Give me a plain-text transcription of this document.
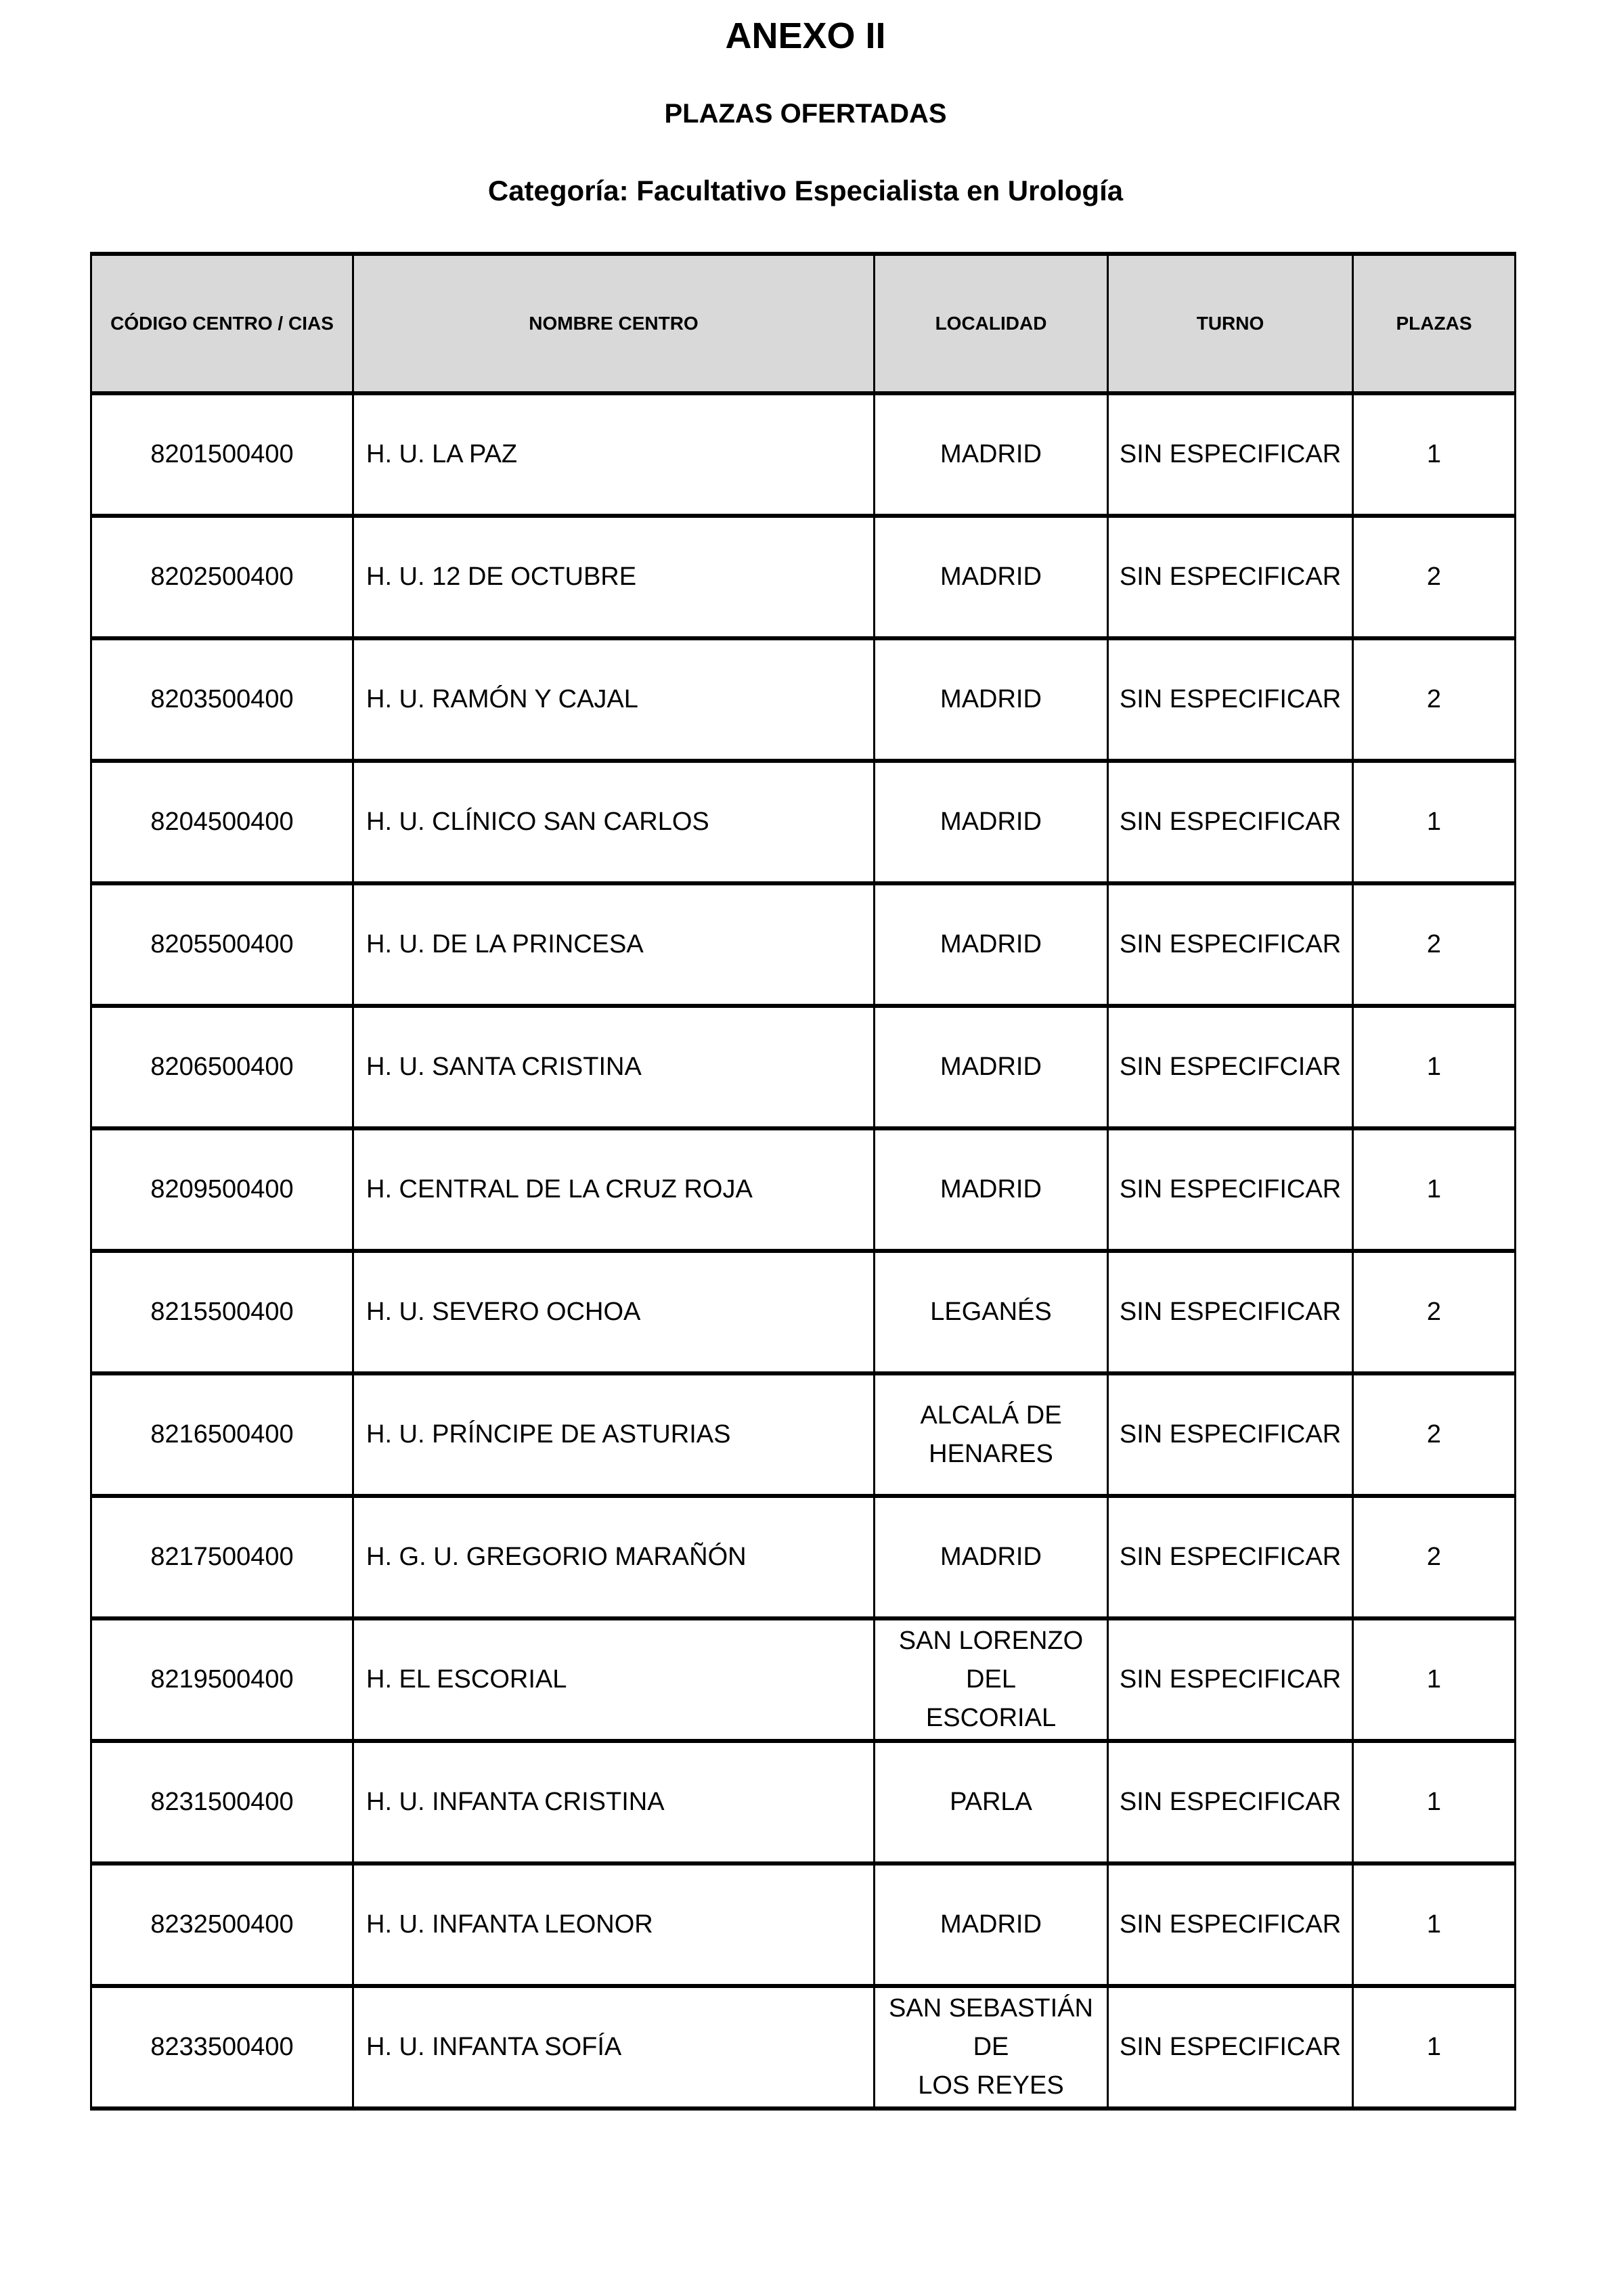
ANEXO II
PLAZAS OFERTADAS
Categoría: Facultativo Especialista en Urología
CÓDIGO CENTRO / CIAS	NOMBRE CENTRO	LOCALIDAD	TURNO	PLAZAS
8201500400	H. U. LA PAZ	MADRID	SIN ESPECIFICAR	1
8202500400	H. U. 12 DE OCTUBRE	MADRID	SIN ESPECIFICAR	2
8203500400	H. U. RAMÓN Y CAJAL	MADRID	SIN ESPECIFICAR	2
8204500400	H. U. CLÍNICO SAN CARLOS	MADRID	SIN ESPECIFICAR	1
8205500400	H. U. DE LA PRINCESA	MADRID	SIN ESPECIFICAR	2
8206500400	H. U. SANTA CRISTINA	MADRID	SIN ESPECIFCIAR	1
8209500400	H. CENTRAL DE LA CRUZ ROJA	MADRID	SIN ESPECIFICAR	1
8215500400	H. U. SEVERO OCHOA	LEGANÉS	SIN ESPECIFICAR	2
8216500400	H. U. PRÍNCIPE DE ASTURIAS	ALCALÁ DE
HENARES	SIN ESPECIFICAR	2
8217500400	H. G. U. GREGORIO MARAÑÓN	MADRID	SIN ESPECIFICAR	2
8219500400	H. EL ESCORIAL	SAN LORENZO DEL
ESCORIAL	SIN ESPECIFICAR	1
8231500400	H. U. INFANTA CRISTINA	PARLA	SIN ESPECIFICAR	1
8232500400	H. U. INFANTA LEONOR	MADRID	SIN ESPECIFICAR	1
8233500400	H. U. INFANTA SOFÍA	SAN SEBASTIÁN DE
LOS REYES	SIN ESPECIFICAR	1
